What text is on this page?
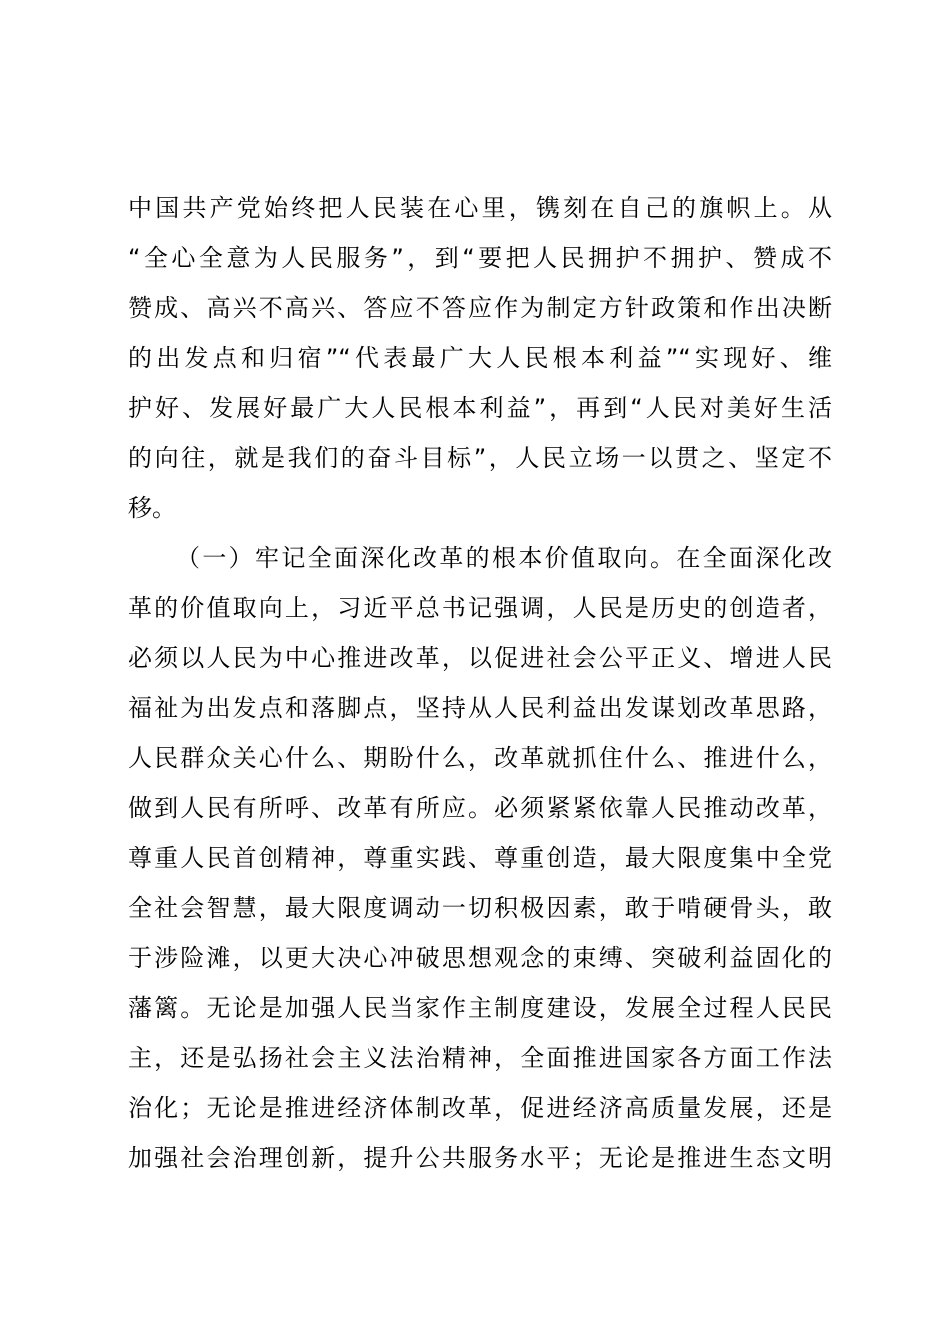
中国共产党始终把人民装在心里，镌刻在自己的旗帜上。从
“全心全意为人民服务”，到“要把人民拥护不拥护、赞成不
赞成、高兴不高兴、答应不答应作为制定方针政策和作出决断
的出发点和归宿”“代表最广大人民根本利益”“实现好、维
护好、发展好最广大人民根本利益”，再到“人民对美好生活
的向往，就是我们的奋斗目标”，人民立场一以贯之、坚定不
移。
（一）牢记全面深化改革的根本价值取向。在全面深化改
革的价值取向上，习近平总书记强调，人民是历史的创造者，
必须以人民为中心推进改革，以促进社会公平正义、增进人民
福祉为出发点和落脚点，坚持从人民利益出发谋划改革思路，
人民群众关心什么、期盼什么，改革就抓住什么、推进什么，
做到人民有所呼、改革有所应。必须紧紧依靠人民推动改革，
尊重人民首创精神，尊重实践、尊重创造，最大限度集中全党
全社会智慧，最大限度调动一切积极因素，敢于啃硬骨头，敢
于涉险滩，以更大决心冲破思想观念的束缚、突破利益固化的
藩篱。无论是加强人民当家作主制度建设，发展全过程人民民
主，还是弘扬社会主义法治精神，全面推进国家各方面工作法
治化；无论是推进经济体制改革，促进经济高质量发展，还是
加强社会治理创新，提升公共服务水平；无论是推进生态文明
